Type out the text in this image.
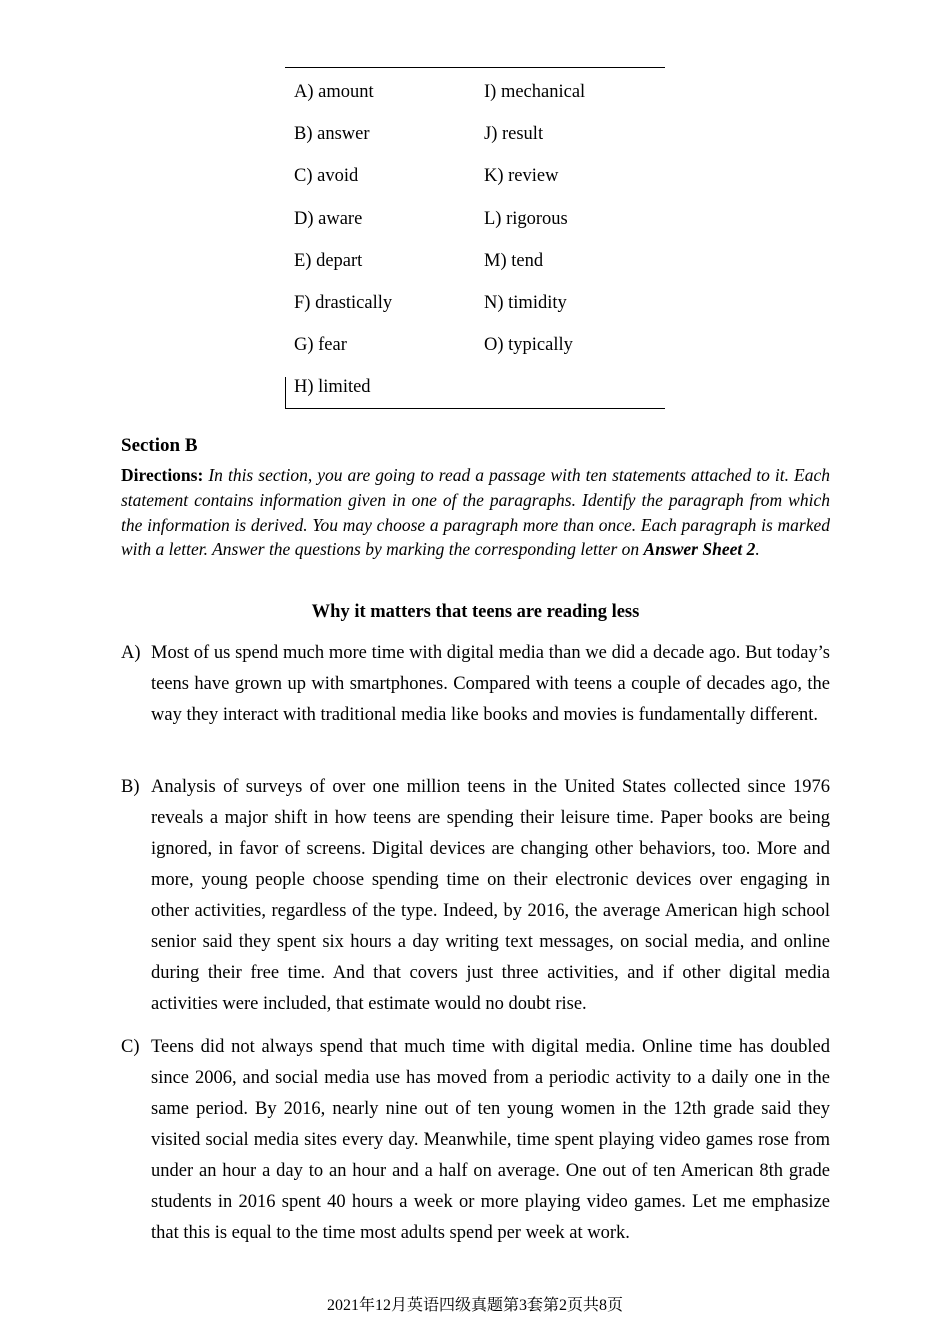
A) amount
B) answer
C) avoid
D) aware
E) depart
F) drastically
G) fear
H) limited
I) mechanical
J) result
K) review
L) rigorous
M) tend
N) timidity
O) typically
Section B
Directions: In this section, you are going to read a passage with ten statements attached to it. Each statement contains information given in one of the paragraphs. Identify the paragraph from which the information is derived. You may choose a paragraph more than once. Each paragraph is marked with a letter. Answer the questions by marking the corresponding letter on Answer Sheet 2.
Why it matters that teens are reading less
A) Most of us spend much more time with digital media than we did a decade ago. But today’s teens have grown up with smartphones. Compared with teens a couple of decades ago, the way they interact with traditional media like books and movies is fundamentally different.
B) Analysis of surveys of over one million teens in the United States collected since 1976 reveals a major shift in how teens are spending their leisure time. Paper books are being ignored, in favor of screens. Digital devices are changing other behaviors, too. More and more, young people choose spending time on their electronic devices over engaging in other activities, regardless of the type. Indeed, by 2016, the average American high school senior said they spent six hours a day writing text messages, on social media, and online during their free time. And that covers just three activities, and if other digital media activities were included, that estimate would no doubt rise.
C) Teens did not always spend that much time with digital media. Online time has doubled since 2006, and social media use has moved from a periodic activity to a daily one in the same period. By 2016, nearly nine out of ten young women in the 12th grade said they visited social media sites every day. Meanwhile, time spent playing video games rose from under an hour a day to an hour and a half on average. One out of ten American 8th grade students in 2016 spent 40 hours a week or more playing video games. Let me emphasize that this is equal to the time most adults spend per week at work.
2021年12月英语四级真题第3套第2页共8页
